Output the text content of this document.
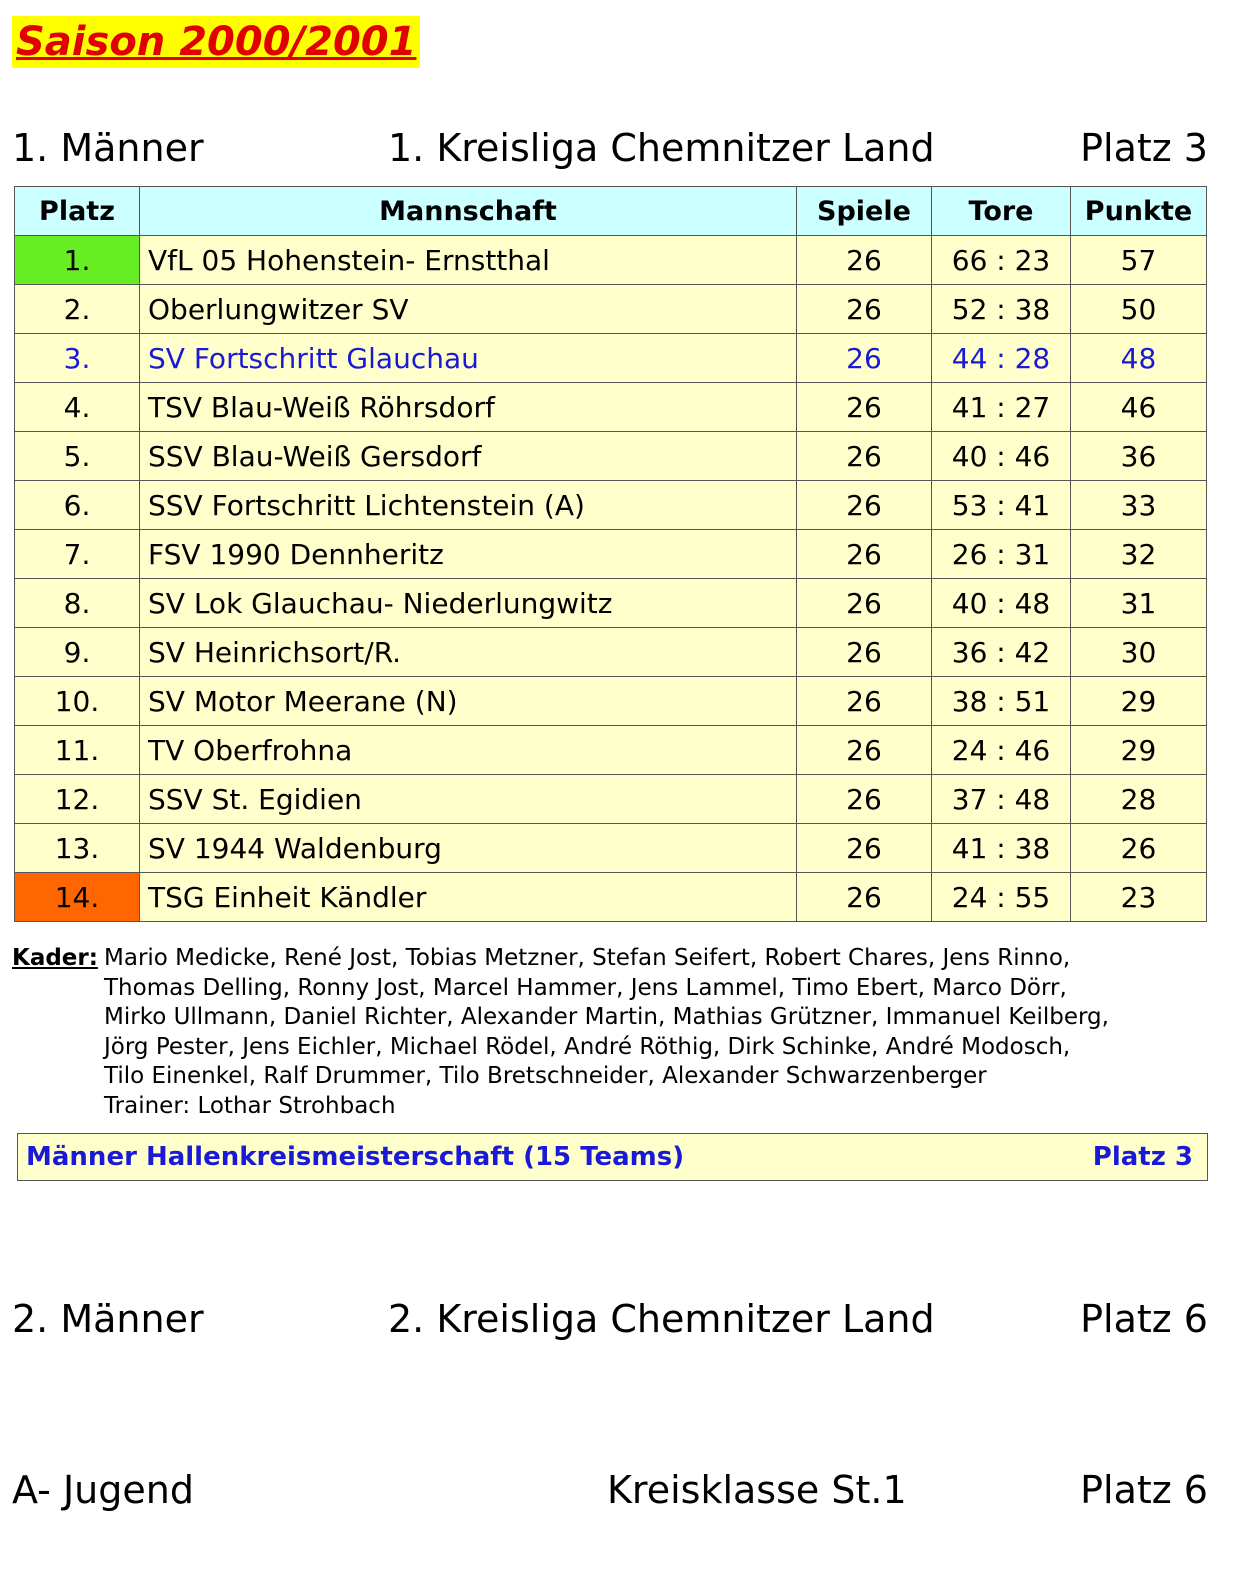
Saison 2000/2001
1. Männer	1. Kreisliga Chemnitzer Land	Platz 3
Platz	Mannschaft	Spiele	Tore	Punkte
1.	VfL 05 Hohenstein- Ernstthal	26	66 : 23	57
2.	Oberlungwitzer SV	26	52 : 38	50
3.	SV Fortschritt Glauchau	26	44 : 28	48
4.	TSV Blau-Weiß Röhrsdorf	26	41 : 27	46
5.	SSV Blau-Weiß Gersdorf	26	40 : 46	36
6.	SSV Fortschritt Lichtenstein (A)	26	53 : 41	33
7.	FSV 1990 Dennheritz	26	26 : 31	32
8.	SV Lok Glauchau- Niederlungwitz	26	40 : 48	31
9.	SV Heinrichsort/R.	26	36 : 42	30
10.	SV Motor Meerane (N)	26	38 : 51	29
11.	TV Oberfrohna	26	24 : 46	29
12.	SSV St. Egidien	26	37 : 48	28
13.	SV 1944 Waldenburg	26	41 : 38	26
14.	TSG Einheit Kändler	26	24 : 55	23
Kader: Mario Medicke, René Jost, Tobias Metzner, Stefan Seifert, Robert Chares, Jens Rinno,
Thomas Delling, Ronny Jost, Marcel Hammer, Jens Lammel, Timo Ebert, Marco Dörr,
Mirko Ullmann, Daniel Richter, Alexander Martin, Mathias Grützner, Immanuel Keilberg,
Jörg Pester, Jens Eichler, Michael Rödel, André Röthig, Dirk Schinke, André Modosch,
Tilo Einenkel, Ralf Drummer, Tilo Bretschneider, Alexander Schwarzenberger
Trainer: Lothar Strohbach
Männer Hallenkreismeisterschaft (15 Teams)	Platz 3
2. Männer	2. Kreisliga Chemnitzer Land	Platz 6
A- Jugend	Kreisklasse St.1	Platz 6
